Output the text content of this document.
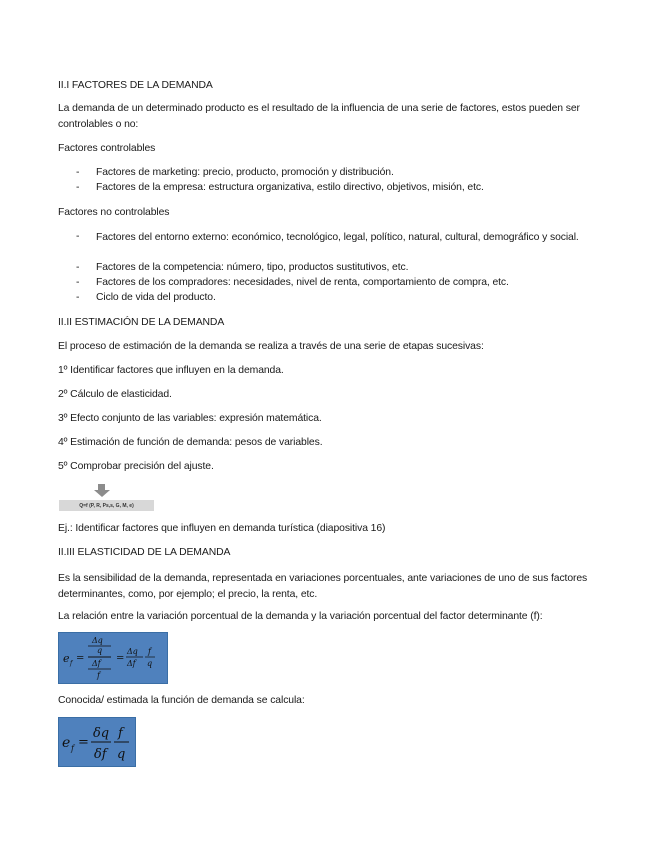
II.I FACTORES DE LA DEMANDA
La demanda de un determinado producto es el resultado de la influencia de una serie de factores, estos pueden ser controlables o no:
Factores controlables
- Factores de marketing: precio, producto, promoción y distribución.
- Factores de la empresa: estructura organizativa, estilo directivo, objetivos, misión, etc.
Factores no controlables
- Factores del entorno externo: económico, tecnológico, legal, político, natural, cultural, demográfico y social.
- Factores de la competencia: número, tipo, productos sustitutivos, etc.
- Factores de los compradores: necesidades, nivel de renta, comportamiento de compra, etc.
- Ciclo de vida del producto.
II.II ESTIMACIÓN DE LA DEMANDA
El proceso de estimación de la demanda se realiza a través de una serie de etapas sucesivas:
1º Identificar factores que influyen en la demanda.
2º Cálculo de elasticidad.
3º Efecto conjunto de las variables: expresión matemática.
4º Estimación de función de demanda: pesos de variables.
5º Comprobar precisión del ajuste.
Q=f (P, R, Ps,s, G, M, e)
Ej.: Identificar factores que influyen en demanda turística (diapositiva 16)
II.III ELASTICIDAD DE LA DEMANDA
Es la sensibilidad de la demanda, representada en variaciones porcentuales, ante variaciones de uno de sus factores determinantes, como, por ejemplo; el precio, la renta, etc.
La relación entre la variación porcentual de la demanda y la variación porcentual del factor determinante (f):
e f =
Δq
q
Δf
f
=
Δq
Δf
f
q
Conocida/ estimada la función de demanda se calcula:
e f =
δq
δf
f
q
